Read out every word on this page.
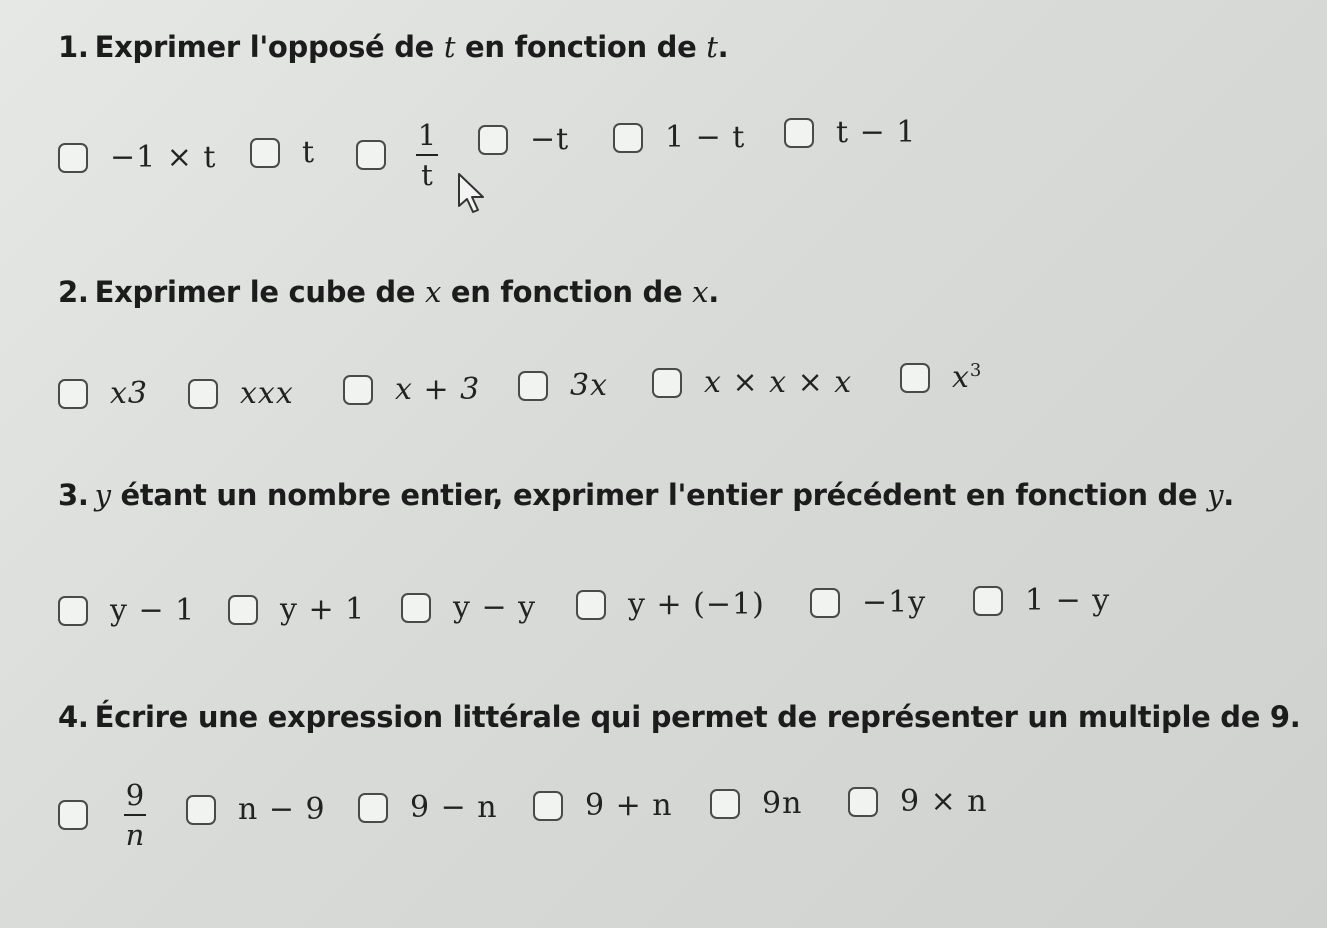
1. Exprimer l'opposé de t en fonction de t.
−1 × t	t	$\frac{1}{t}$	−t	1 − t	t − 1
2. Exprimer le cube de x en fonction de x.
x3	xxx	x + 3	3x	x × x × x	$x^3$
3. y étant un nombre entier, exprimer l'entier précédent en fonction de y.
y − 1	y + 1	y − y	y + (−1)	−1y	1 − y
4. Écrire une expression littérale qui permet de représenter un multiple de 9.
$\frac{9}{n}$	n − 9	9 − n	9 + n	9n	9 × n
